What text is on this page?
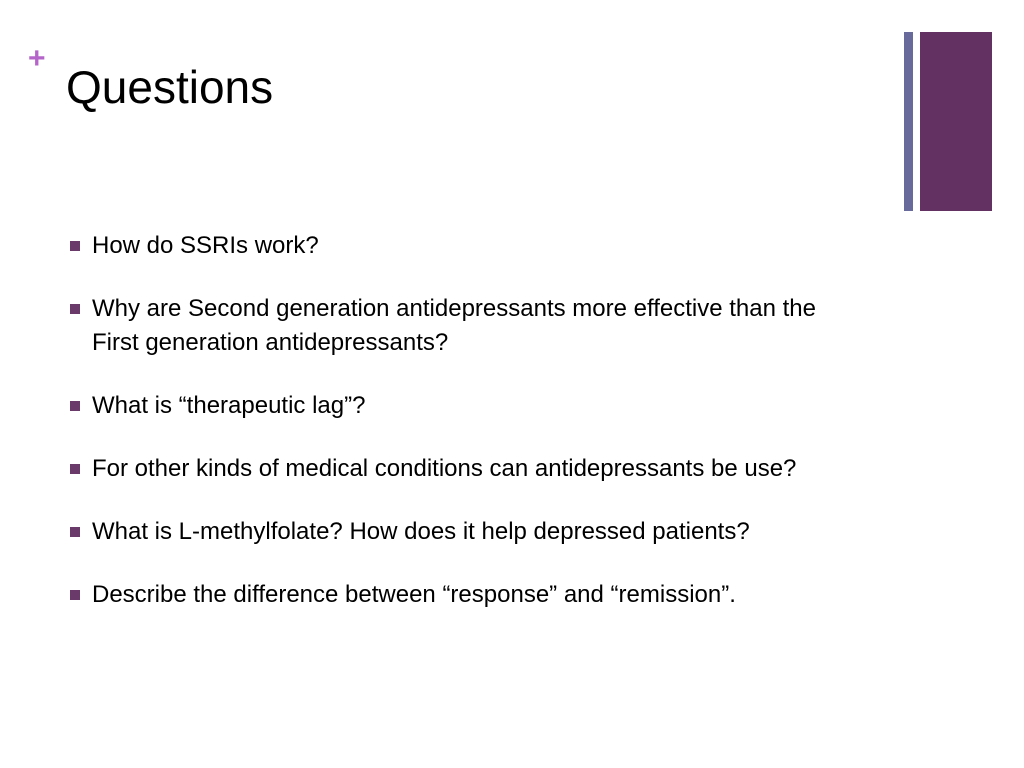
+
Questions
How do SSRIs work?
Why are Second generation antidepressants more effective than the First generation antidepressants?
What is “therapeutic lag”?
For other kinds of medical conditions can antidepressants be use?
What is L-methylfolate? How does it help depressed patients?
Describe the difference between “response” and “remission”.
